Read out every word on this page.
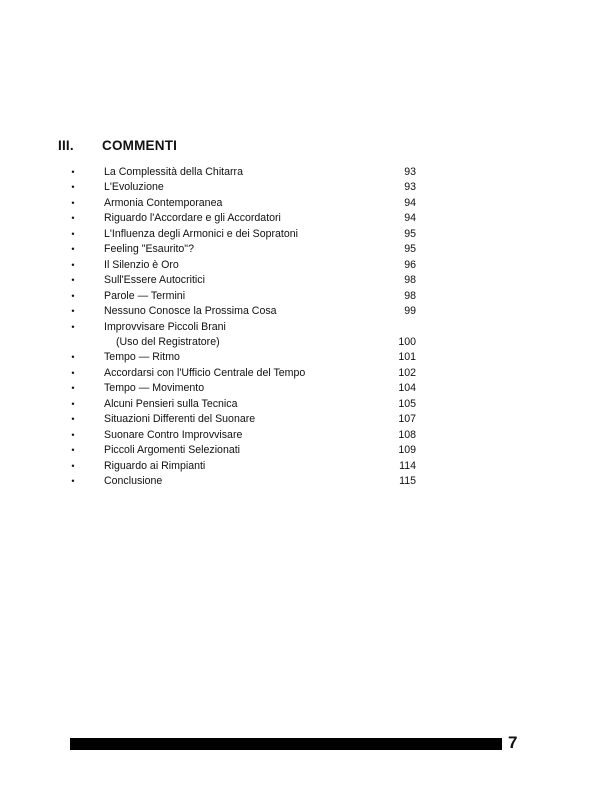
III. COMMENTI
•	La Complessità della Chitarra	93
•	L'Evoluzione	93
•	Armonia Contemporanea	94
•	Riguardo l'Accordare e gli Accordatori	94
•	L'Influenza degli Armonici e dei Sopratoni	95
•	Feeling "Esaurito"?	95
•	Il Silenzio è Oro	96
•	Sull'Essere Autocritici	98
•	Parole — Termini	98
•	Nessuno Conosce la Prossima Cosa	99
•	Improvvisare Piccoli Brani
(Uso del Registratore)	100
•	Tempo — Ritmo	101
•	Accordarsi con l'Ufficio Centrale del Tempo	102
•	Tempo — Movimento	104
•	Alcuni Pensieri sulla Tecnica	105
•	Situazioni Differenti del Suonare	107
•	Suonare Contro Improvvisare	108
•	Piccoli Argomenti Selezionati	109
•	Riguardo ai Rimpianti	114
•	Conclusione	115
7
